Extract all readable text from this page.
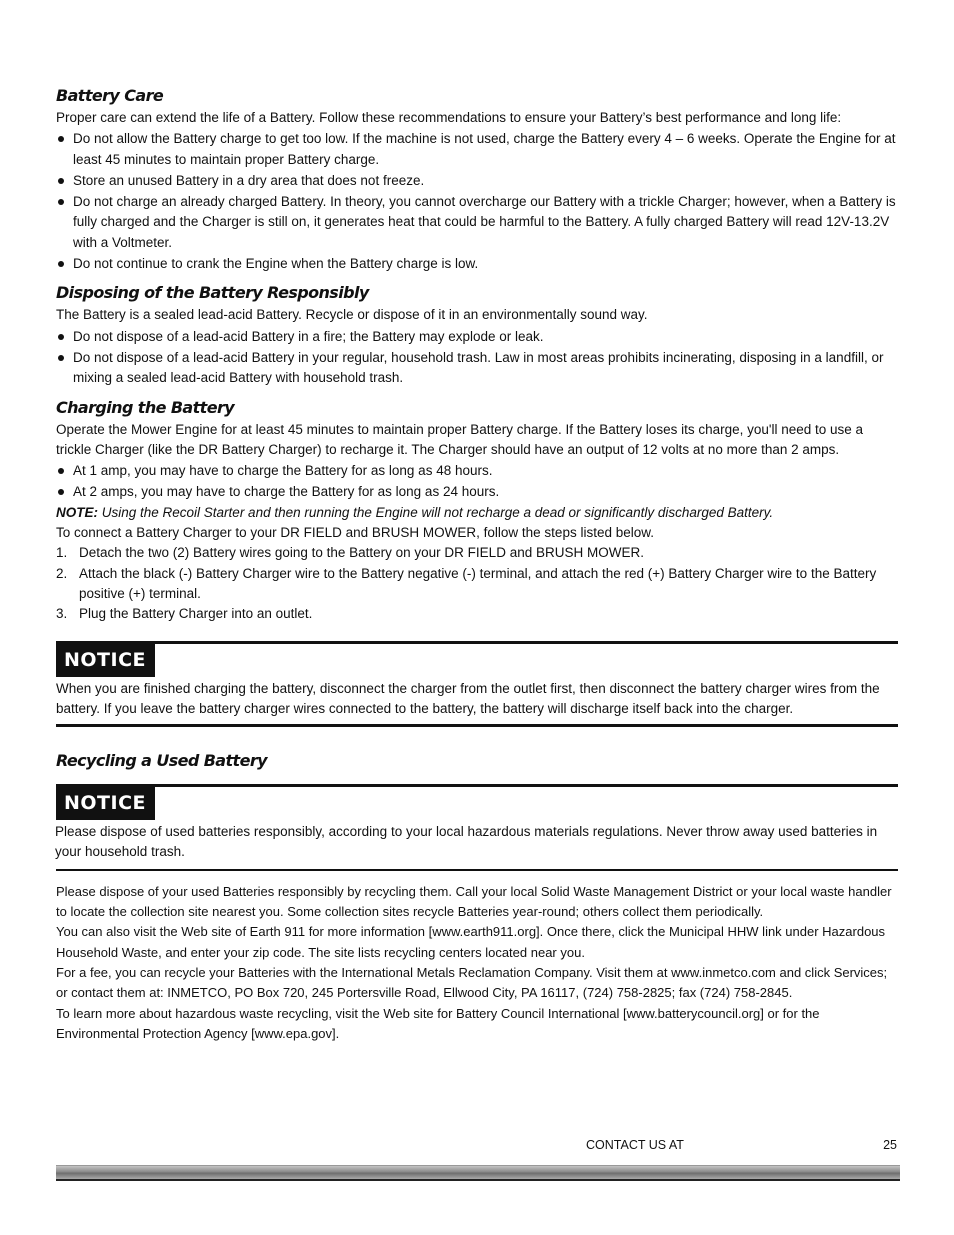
Battery Care

Proper care can extend the life of a Battery. Follow these recommendations to ensure your Battery’s best performance and long life:

Do not allow the Battery charge to get too low. If the machine is not used, charge the Battery every 4 – 6 weeks. Operate the Engine for at least 45 minutes to maintain proper Battery charge.
Store an unused Battery in a dry area that does not freeze.
Do not charge an already charged Battery. In theory, you cannot overcharge our Battery with a trickle Charger; however, when a Battery is fully charged and the Charger is still on, it generates heat that could be harmful to the Battery. A fully charged Battery will read 12V-13.2V with a Voltmeter.
Do not continue to crank the Engine when the Battery charge is low.
Disposing of the Battery Responsibly

The Battery is a sealed lead-acid Battery. Recycle or dispose of it in an environmentally sound way.

Do not dispose of a lead-acid Battery in a fire; the Battery may explode or leak.
Do not dispose of a lead-acid Battery in your regular, household trash. Law in most areas prohibits incinerating, disposing in a landfill, or mixing a sealed lead-acid Battery with household trash.
Charging the Battery

Operate the Mower Engine for at least 45 minutes to maintain proper Battery charge. If the Battery loses its charge, you'll need to use a trickle Charger (like the DR Battery Charger) to recharge it. The Charger should have an output of 12 volts at no more than 2 amps.

At 1 amp, you may have to charge the Battery for as long as 48 hours.
At 2 amps, you may have to charge the Battery for as long as 24 hours.

NOTE: Using the Recoil Starter and then running the Engine will not recharge a dead or significantly discharged Battery.

To connect a Battery Charger to your DR FIELD and BRUSH MOWER, follow the steps listed below.

1. Detach the two (2) Battery wires going to the Battery on your DR FIELD and BRUSH MOWER.
2. Attach the black (-) Battery Charger wire to the Battery negative (-) terminal, and attach the red (+) Battery Charger wire to the Battery positive (+) terminal.
3. Plug the Battery Charger into an outlet.
NOTICE

When you are finished charging the battery, disconnect the charger from the outlet first, then disconnect the battery charger wires from the battery. If you leave the battery charger wires connected to the battery, the battery will discharge itself back into the charger.

Recycling a Used Battery
NOTICE

Please dispose of used batteries responsibly, according to your local hazardous materials regulations. Never throw away used batteries in your household trash.

Please dispose of your used Batteries responsibly by recycling them. Call your local Solid Waste Management District or your local waste handler to locate the collection site nearest you. Some collection sites recycle Batteries year-round; others collect them periodically.

You can also visit the Web site of Earth 911 for more information [www.earth911.org]. Once there, click the Municipal HHW link under Hazardous Household Waste, and enter your zip code. The site lists recycling centers located near you.

For a fee, you can recycle your Batteries with the International Metals Reclamation Company. Visit them at www.inmetco.com and click Services; or contact them at: INMETCO, PO Box 720, 245 Portersville Road, Ellwood City, PA 16117, (724) 758-2825; fax (724) 758-2845.

To learn more about hazardous waste recycling, visit the Web site for Battery Council International [www.batterycouncil.org] or for the Environmental Protection Agency [www.epa.gov].

CONTACT US AT	25
